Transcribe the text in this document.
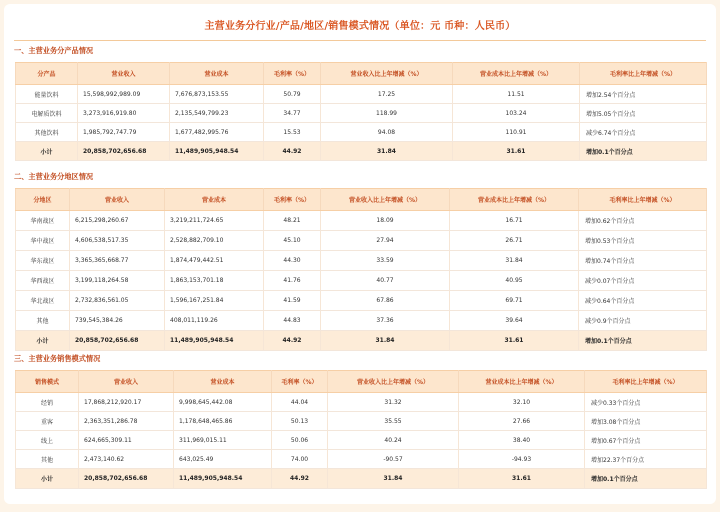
主营业务分行业/产品/地区/销售模式情况（单位：元 币种：人民币）
一、主营业务分产品情况
分产品	营业收入	营业成本	毛利率（%）	营业收入比上年增减（%）	营业成本比上年增减（%）	毛利率比上年增减（%）
能量饮料	15,598,992,989.09	7,676,873,153.55	50.79	17.25	11.51	增加2.54个百分点
电解质饮料	3,273,916,919.80	2,135,549,799.23	34.77	118.99	103.24	增加5.05个百分点
其他饮料	1,985,792,747.79	1,677,482,995.76	15.53	94.08	110.91	减少6.74个百分点
小计	20,858,702,656.68	11,489,905,948.54	44.92	31.84	31.61	增加0.1个百分点
二、主营业务分地区情况
分地区	营业收入	营业成本	毛利率（%）	营业收入比上年增减（%）	营业成本比上年增减（%）	毛利率比上年增减（%）
华南战区	6,215,298,260.67	3,219,211,724.65	48.21	18.09	16.71	增加0.62个百分点
华中战区	4,606,538,517.35	2,528,882,709.10	45.10	27.94	26.71	增加0.53个百分点
华东战区	3,365,365,668.77	1,874,479,442.51	44.30	33.59	31.84	增加0.74个百分点
华西战区	3,199,118,264.58	1,863,153,701.18	41.76	40.77	40.95	减少0.07个百分点
华北战区	2,732,836,561.05	1,596,167,251.84	41.59	67.86	69.71	减少0.64个百分点
其他	739,545,384.26	408,011,119.26	44.83	37.36	39.64	减少0.9个百分点
小计	20,858,702,656.68	11,489,905,948.54	44.92	31.84	31.61	增加0.1个百分点
三、主营业务销售模式情况
销售模式	营业收入	营业成本	毛利率（%）	营业收入比上年增减（%）	营业成本比上年增减（%）	毛利率比上年增减（%）
经销	17,868,212,920.17	9,998,645,442.08	44.04	31.32	32.10	减少0.33个百分点
重客	2,363,351,286.78	1,178,648,465.86	50.13	35.55	27.66	增加3.08个百分点
线上	624,665,309.11	311,969,015.11	50.06	40.24	38.40	增加0.67个百分点
其他	2,473,140.62	643,025.49	74.00	-90.57	-94.93	增加22.37个百分点
小计	20,858,702,656.68	11,489,905,948.54	44.92	31.84	31.61	增加0.1个百分点
